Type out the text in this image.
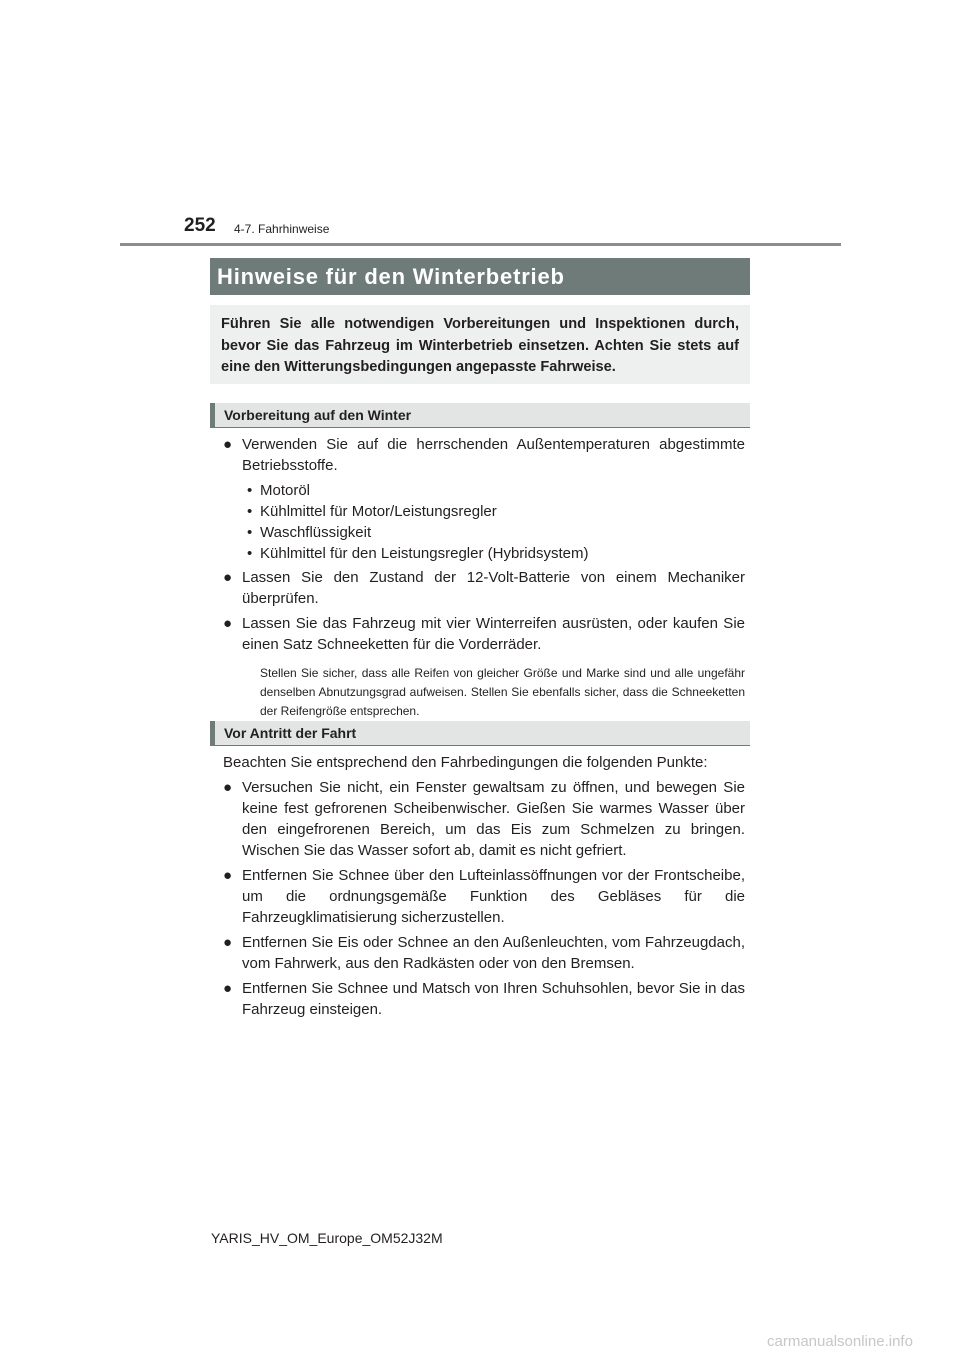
252 4-7. Fahrhinweise
Hinweise für den Winterbetrieb
Führen Sie alle notwendigen Vorbereitungen und Inspektionen durch, bevor Sie das Fahrzeug im Winterbetrieb einsetzen. Achten Sie stets auf eine den Witterungsbedingungen angepasste Fahrweise.
Vorbereitung auf den Winter
● Verwenden Sie auf die herrschenden Außentemperaturen abgestimmte Betriebsstoffe.
• Motoröl
• Kühlmittel für Motor/Leistungsregler
• Waschflüssigkeit
• Kühlmittel für den Leistungsregler (Hybridsystem)
● Lassen Sie den Zustand der 12-Volt-Batterie von einem Mechaniker überprüfen.
● Lassen Sie das Fahrzeug mit vier Winterreifen ausrüsten, oder kaufen Sie einen Satz Schneeketten für die Vorderräder.
Stellen Sie sicher, dass alle Reifen von gleicher Größe und Marke sind und alle ungefähr denselben Abnutzungsgrad aufweisen. Stellen Sie ebenfalls sicher, dass die Schneeketten der Reifengröße entsprechen.
Vor Antritt der Fahrt
Beachten Sie entsprechend den Fahrbedingungen die folgenden Punkte:
● Versuchen Sie nicht, ein Fenster gewaltsam zu öffnen, und bewegen Sie keine fest gefrorenen Scheibenwischer. Gießen Sie warmes Wasser über den eingefrorenen Bereich, um das Eis zum Schmelzen zu bringen. Wischen Sie das Wasser sofort ab, damit es nicht gefriert.
● Entfernen Sie Schnee über den Lufteinlassöffnungen vor der Frontscheibe, um die ordnungsgemäße Funktion des Gebläses für die Fahrzeugklimatisierung sicherzustellen.
● Entfernen Sie Eis oder Schnee an den Außenleuchten, vom Fahrzeugdach, vom Fahrwerk, aus den Radkästen oder von den Bremsen.
● Entfernen Sie Schnee und Matsch von Ihren Schuhsohlen, bevor Sie in das Fahrzeug einsteigen.
YARIS_HV_OM_Europe_OM52J32M
carmanualsonline.info
